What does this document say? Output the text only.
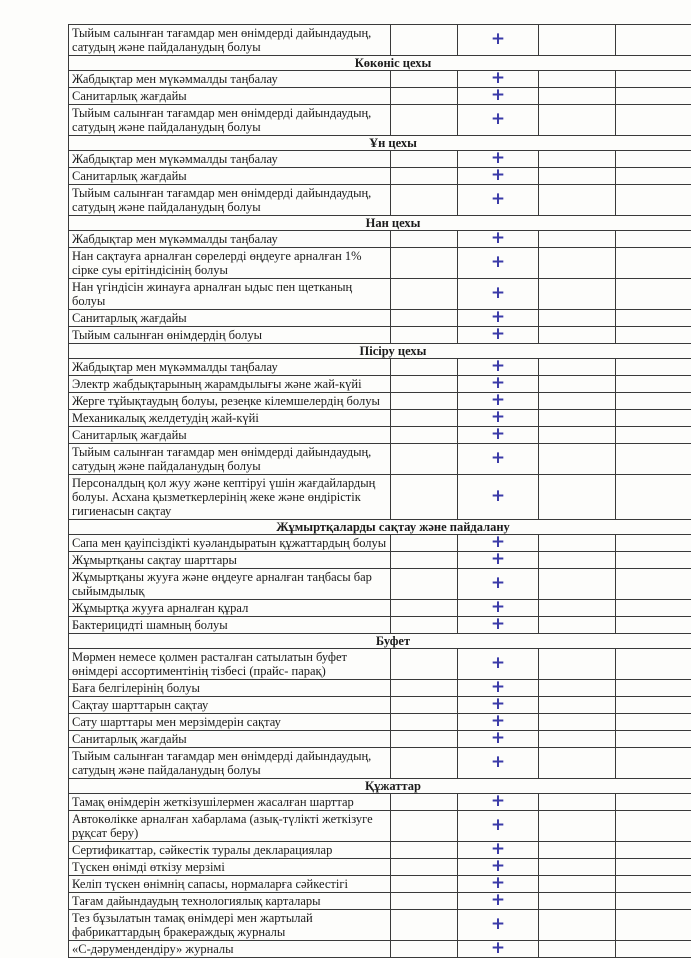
Тыйым салынған тағамдар мен өнімдерді дайындаудың, сатудың және пайдаланудың болуы		+		
Көкөніс цехы				
Жабдықтар мен мүкәммалды таңбалау		+		
Санитарлық жағдайы		+		
Тыйым салынған тағамдар мен өнімдерді дайындаудың, сатудың және пайдаланудың болуы		+		
Ұн цехы				
Жабдықтар мен мүкәммалды таңбалау		+		
Санитарлық жағдайы		+		
Тыйым салынған тағамдар мен өнімдерді дайындаудың, сатудың және пайдаланудың болуы		+		
Нан цехы				
Жабдықтар мен мүкәммалды таңбалау		+		
Нан сақтауға арналған сөрелерді өңдеуге арналған 1% сірке суы ерітіндісінің болуы		+		
Нан үгіндісін жинауға арналған ыдыс пен щетканың болуы		+		
Санитарлық жағдайы		+		
Тыйым салынған өнімдердің болуы		+		
Пісіру цехы				
Жабдықтар мен мүкәммалды таңбалау		+		
Электр жабдықтарының жарамдылығы және жай-күйі		+		
Жерге тұйықтаудың болуы, резеңке кілемшелердің болуы		+		
Механикалық желдетудің жай-күйі		+		
Санитарлық жағдайы		+		
Тыйым салынған тағамдар мен өнімдерді дайындаудың, сатудың және пайдаланудың болуы		+		
Персоналдың қол жуу және кептіруі үшін жағдайлардың болуы. Асхана қызметкерлерінің жеке және өндірістік гигиенасын сақтау		+		
Жұмыртқаларды сақтау және пайдалану				
Сапа мен қауіпсіздікті куәландыратын құжаттардың болуы		+		
Жұмыртқаны сақтау шарттары		+		
Жұмыртқаны жууға және өңдеуге арналған таңбасы бар сыйымдылық		+		
Жұмыртқа жууға арналған құрал		+		
Бактерицидті шамның болуы		+		
Буфет				
Мөрмен немесе қолмен расталған сатылатын буфет өнімдері ассортиментінің тізбесі (прайс- парақ)		+		
Баға белгілерінің болуы		+		
Сақтау шарттарын сақтау		+		
Сату шарттары мен мерзімдерін сақтау		+		
Санитарлық жағдайы		+		
Тыйым салынған тағамдар мен өнімдерді дайындаудың, сатудың және пайдаланудың болуы		+		
Құжаттар				
Тамақ өнімдерін жеткізушілермен жасалған шарттар		+		
Автокөлікке арналған хабарлама (азық-түлікті жеткізуге рұқсат беру)		+		
Сертификаттар, сәйкестік туралы декларациялар		+		
Түскен өнімді өткізу мерзімі		+		
Келіп түскен өнімнің сапасы, нормаларға сәйкестігі		+		
Тағам дайындаудың технологиялық карталары		+		
Тез бұзылатын тамақ өнімдері мен жартылай фабрикаттардың бракераждық журналы		+		
«С-дәрумендендіру» журналы		+		
